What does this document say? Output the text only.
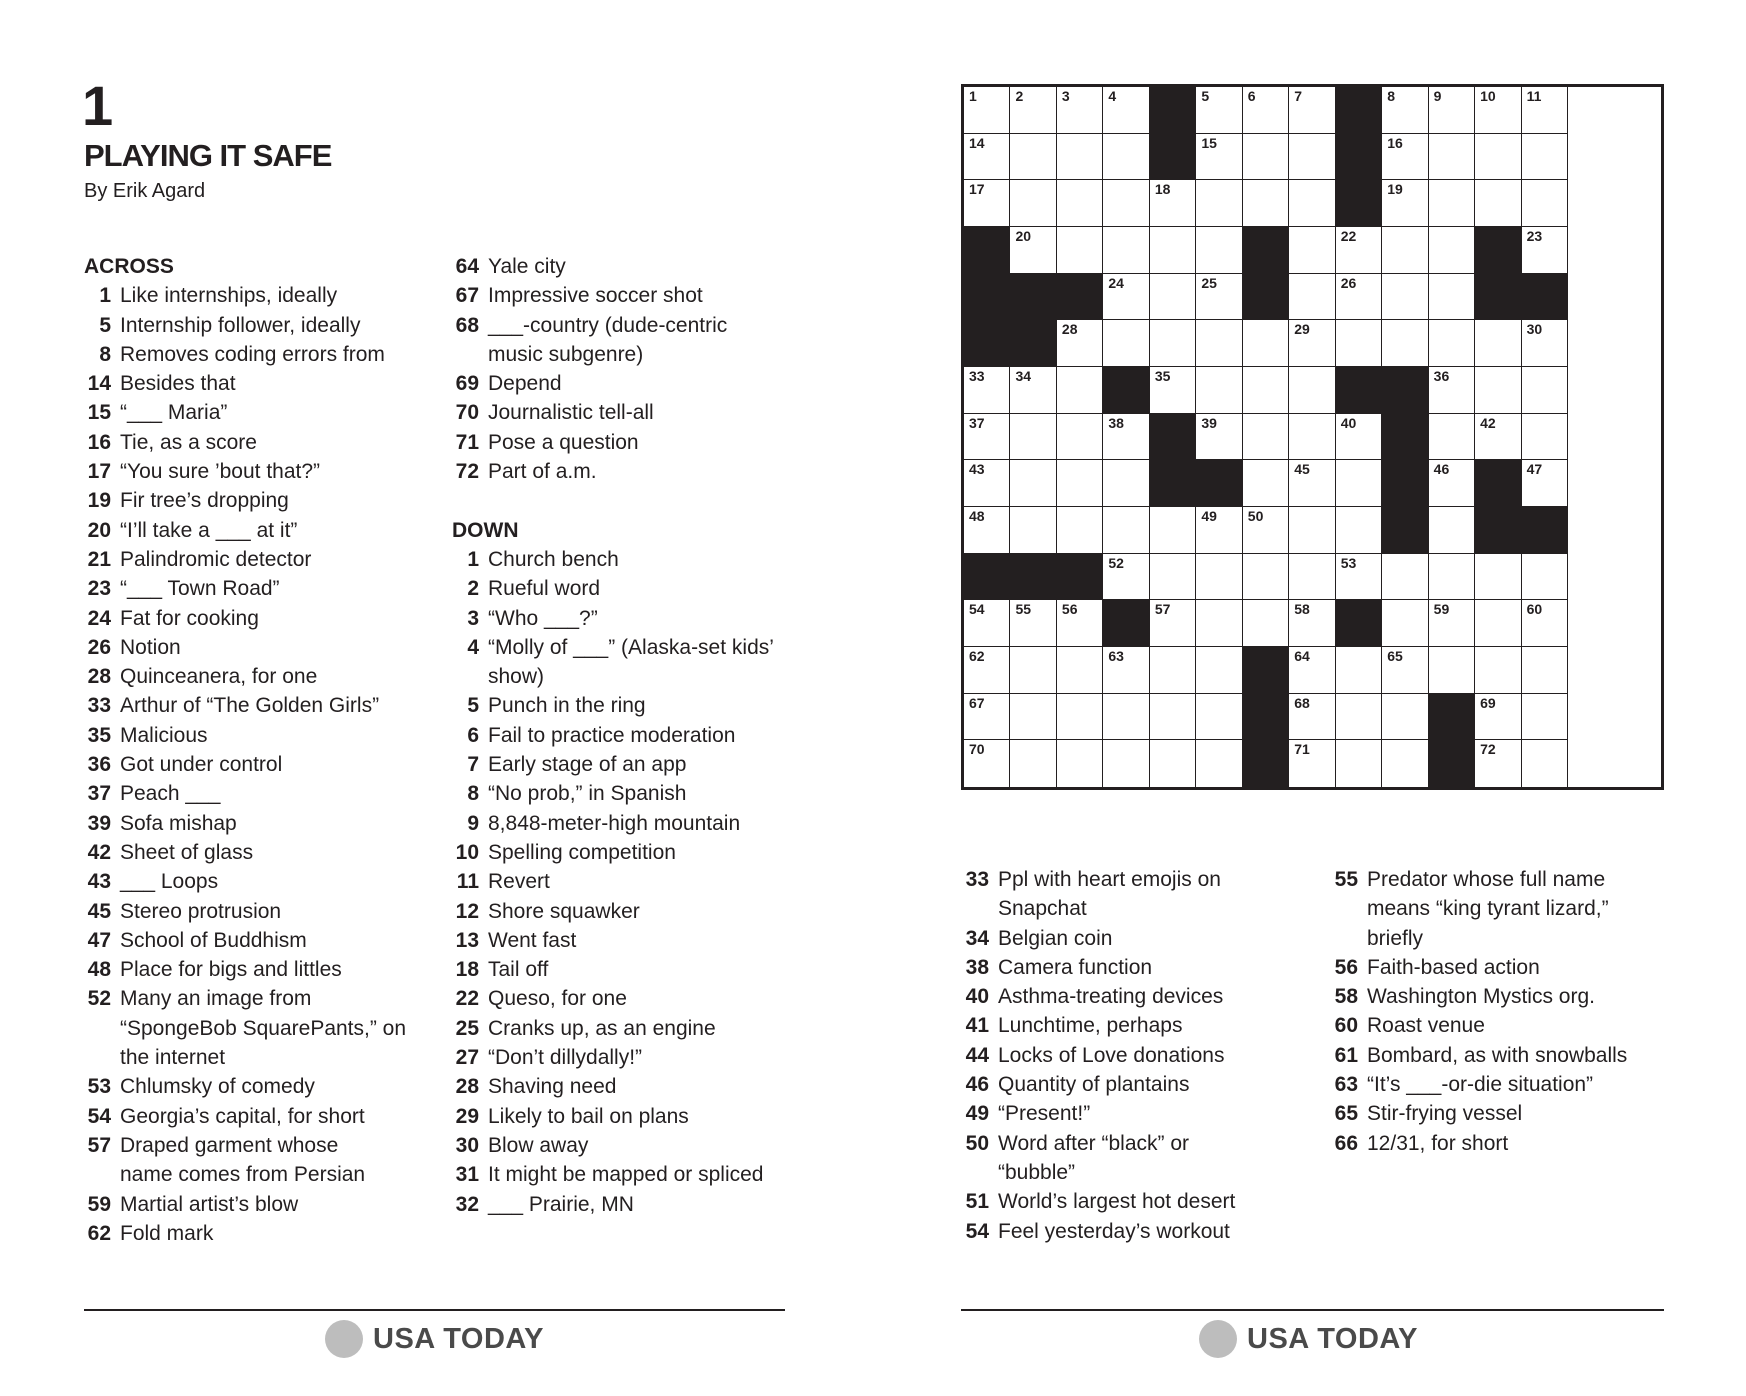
1
PLAYING IT SAFE
By Erik Agard
ACROSS
1 Like internships, ideally
5 Internship follower, ideally
8 Removes coding errors from
14 Besides that
15 “___ Maria”
16 Tie, as a score
17 “You sure ’bout that?”
19 Fir tree’s dropping
20 “I’ll take a ___ at it”
21 Palindromic detector
23 “___ Town Road”
24 Fat for cooking
26 Notion
28 Quinceanera, for one
33 Arthur of “The Golden Girls”
35 Malicious
36 Got under control
37 Peach ___
39 Sofa mishap
42 Sheet of glass
43 ___ Loops
45 Stereo protrusion
47 School of Buddhism
48 Place for bigs and littles
52 Many an image from
“SpongeBob SquarePants,” on
the internet
53 Chlumsky of comedy
54 Georgia’s capital, for short
57 Draped garment whose
name comes from Persian
59 Martial artist’s blow
62 Fold mark
64 Yale city
67 Impressive soccer shot
68 ___-country (dude-centric
music subgenre)
69 Depend
70 Journalistic tell-all
71 Pose a question
72 Part of a.m.
DOWN
1 Church bench
2 Rueful word
3 “Who ___?”
4 “Molly of ___” (Alaska-set kids’
show)
5 Punch in the ring
6 Fail to practice moderation
7 Early stage of an app
8 “No prob,” in Spanish
9 8,848-meter-high mountain
10 Spelling competition
11 Revert
12 Shore squawker
13 Went fast
18 Tail off
22 Queso, for one
25 Cranks up, as an engine
27 “Don’t dillydally!”
28 Shaving need
29 Likely to bail on plans
30 Blow away
31 It might be mapped or spliced
32 ___ Prairie, MN
1	2	3	4	5	6	7	8	9	10 11
14	15	16
17	18	19
20	22	23
24	25	26
28	29	30
33 34	35	36
37	38	39	40	42
43	45	46	47
48	49 50
52	53
54 55 56	57	58	59	60
62	63	64	65
67	68	69
70	71	72
33 Ppl with heart emojis on
Snapchat
34 Belgian coin
38 Camera function
40 Asthma-treating devices
41 Lunchtime, perhaps
44 Locks of Love donations
46 Quantity of plantains
49 “Present!”
50 Word after “black” or
“bubble”
51 World’s largest hot desert
54 Feel yesterday’s workout
55 Predator whose full name
means “king tyrant lizard,”
briefly
56 Faith-based action
58 Washington Mystics org.
60 Roast venue
61 Bombard, as with snowballs
63 “It’s ___-or-die situation”
65 Stir-frying vessel
66 12/31, for short
USA TODAY	USA TODAY
